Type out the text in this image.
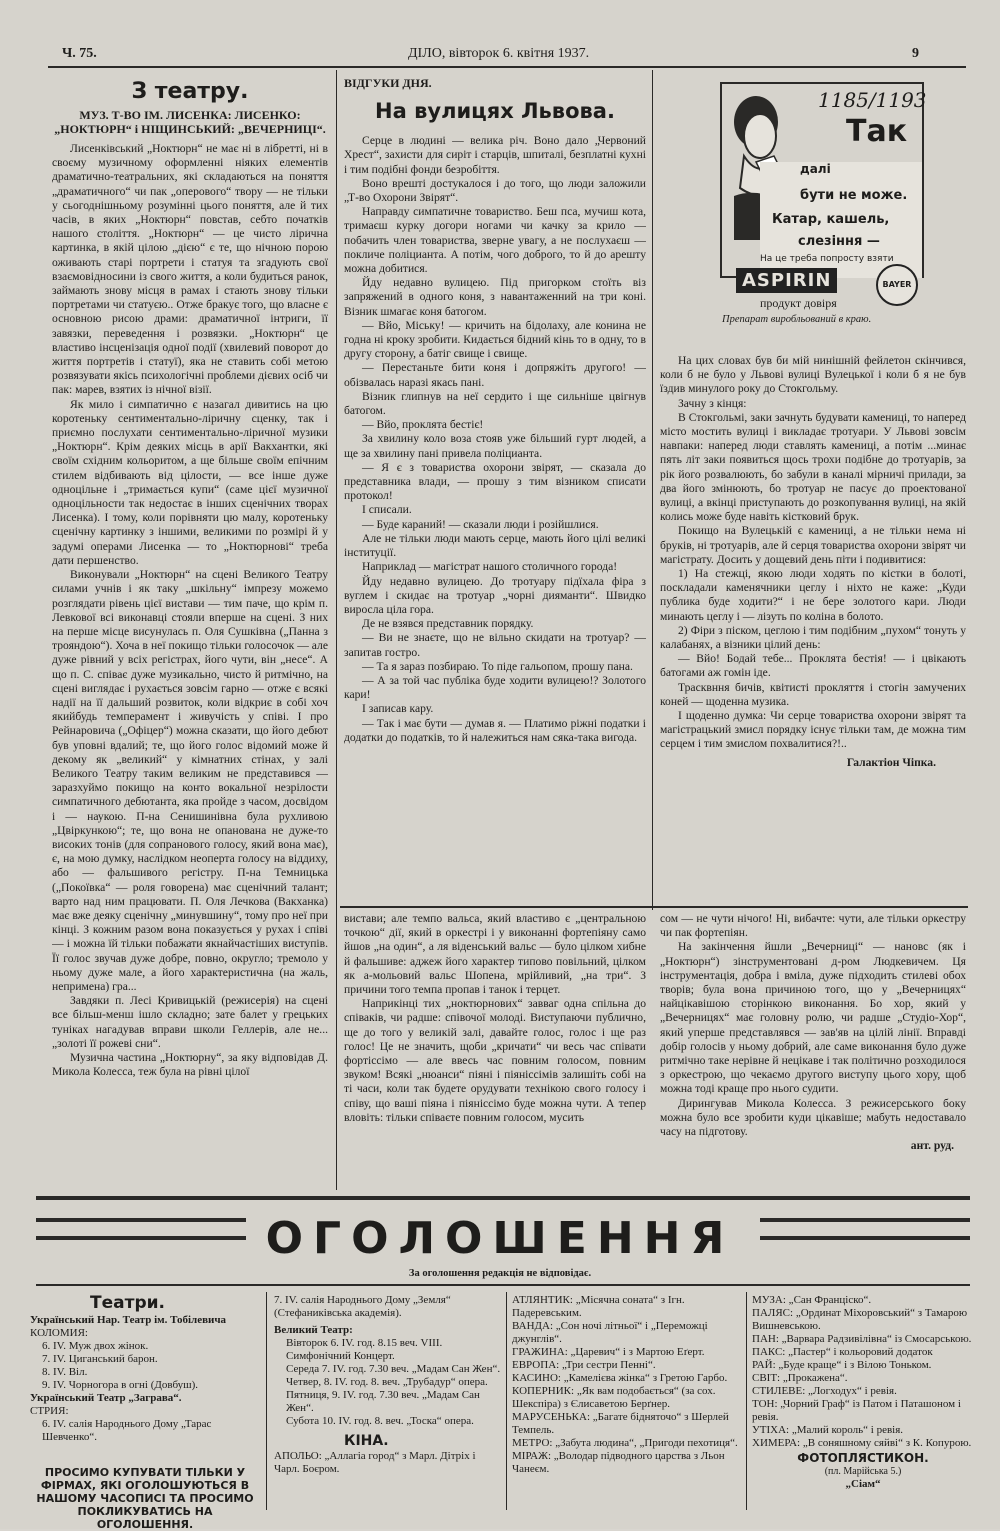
Ч. 75.	ДІЛО, вівторок 6. квітня 1937.	9
З театру.
МУЗ. Т-ВО ІМ. ЛИСЕНКА: ЛИСЕНКО: „НОКТЮРН“ і НІЩИНСЬКИЙ: „ВЕЧЕРНИЦІ“.

Лисенківський „Ноктюрн“ не має ні в лібретті, ні в своєму музичному оформленні ніяких елементів драматично-театральних, які складаються на поняття „драматичного“ чи пак „оперового“ твору — не тільки у сьогоднішньому розумінні цього поняття, але й тих часів, в яких „Ноктюрн“ повстав, себто початків нашого століття. „Ноктюрн“ — це чисто лірична картинка, в якій цілою „дією“ є те, що нічною порою оживають старі портрети і статуя та згадують свої взаємовідносини із свого життя, а коли будиться ранок, займають знову місця в рамах і стають знову тільки портретами чи статуєю.. Отже бракує того, що власне є основною рисою драми: драматичної інтриги, її завязки, переведення і розвязки. „Ноктюрн“ це властиво інсценізація одної події (хвилевий поворот до життя портретів і статуї), яка не ставить собі метою розвязувати якісь психологічні проблеми дієвих осіб чи пак: марев, взятих із нічної візії.

Як мило і симпатично є назагал дивитись на цю коротеньку сентиментально-ліричну сценку, так і приємно послухати сентиментально-ліричної музики „Ноктюрн“. Крім деяких місць в арії Вакхантки, які своїм східним кольоритом, а ще більше своїм епічним стилем відбивають від цілости, — все інше дуже одноцільне і „тримається купи“ (саме цієї музичної одноцільности так недостає в інших сценічних творах Лисенка). І тому, коли порівняти цю малу, коротеньку сценічну картинку з іншими, великими по розмірі й у задумі операми Лисенка — то „Ноктюрнові“ треба дати першенство.

Виконували „Ноктюрн“ на сцені Великого Театру силами учнів і як таку „шкільну“ імпрезу можемо розглядати рівень цієї вистави — тим паче, що крім п. Левкової всі виконавці стояли вперше на сцені. З них на перше місце висунулась п. Оля Сушківна („Панна з трояндою“). Хоча в неї покищо тільки голосочок — але дуже рівний у всіх регістрах, його чути, він „несе“. А що п. С. співає дуже музикально, чисто й ритмічно, на сцені виглядає і рухається зовсім гарно — отже є всякі надії на її дальший розвиток, коли відкриє в собі хоч якийбудь темперамент і живучість у співі. І про Рейнаровича („Офіцер“) можна сказати, що його дебют був уповні вдалий; те, що його голос відомий може й декому як „великий“ у кімнатних стінах, у залі Великого Театру таким великим не представився — заразхуймо покищо на конто вокальної незрілости симпатичного дебютанта, яка пройде з часом, досвідом і — наукою. П-на Сенишинівна була рухливою „Цвіркункою“; те, що вона не опанована не дуже-то високих тонів (для сопранового голосу, який вона має), є, на мою думку, наслідком неоперта голосу на віддиху, або — фальшивого регістру. П-на Темницька („Покоївка“ — роля говорена) має сценічний талант; варто над ним працювати. П. Оля Лечкова (Вакханка) має вже деяку сценічну „минувшину“, тому про неї при кінці. З кожним разом вона показується у рухах і співі — і можна їй тільки побажати якнайчастіших виступів. Її голос звучав дуже добре, повно, округло; тремоло у ньому дуже мале, а його характеристична (на жаль, непримена) гра...

Завдяки п. Лесі Кривицькій (режисерія) на сцені все більш-менш ішло складно; зате балет у грецьких туніках нагадував вправи школи Геллерів, але не... „золоті її рожеві сни“.

Музична частина „Ноктюрну“, за яку відповідав Д. Микола Колесса, теж була на рівні цілої

ВІДГУКИ ДНЯ.
На вулицях Львова.

Серце в людині — велика річ. Воно дало „Червоний Хрест“, захисти для сиріт і старців, шпиталі, безплатні кухні і тим подібні фонди безробіття.

Воно врешті достукалося і до того, що люди заложили „Т-во Охорони Звірят“.

Направду симпатичне товариство. Беш пса, мучиш кота, тримаєш курку догори ногами чи качку за крило — побачить член товариства, зверне увагу, а не послухаєш — покличе поліцианта. А потім, чого доброго, то й до арешту можна добитися.

Йду недавно вулицею. Під пригорком стоїть віз запряжений в одного коня, з навантаженний на три коні. Візник шмагає коня батогом.

— Вйо, Міську! — кричить на бідолаху, але конина не годна ні кроку зробити. Кидається бідний кінь то в одну, то в другу сторону, а батіг свище і свище.

— Перестаньте бити коня і допряжіть другого! — обізвалась наразі якась пані.

Візник глипнув на неї сердито і ще сильніше цвігнув батогом.

— Вйо, проклята бестіє!

За хвилину коло воза стояв уже більший гурт людей, а ще за хвилину пані привела поліцианта.

— Я є з товариства охорони звірят, — сказала до представника влади, — прошу з тим візником списати протокол!

І списали.

— Буде караний! — сказали люди і розійшлися.

Але не тільки люди мають серце, мають його цілі великі інституції.

Наприклад — магістрат нашого столичного города!

Йду недавно вулицею. До тротуару підїхала фіра з вуглем і скидає на тротуар „чорні дияманти“. Швидко виросла ціла гора.

Де не взявся представник порядку.

— Ви не знаєте, що не вільно скидати на тротуар? — запитав гостро.

— Та я зараз позбираю. То піде гальопом, прошу пана.

— А за той час публіка буде ходити вулицею!? Золотого кари!

І записав кару.

— Так і має бути — думав я. — Платимо ріжні податки і додатки до податків, то й належиться нам сяка-така вигода.

1185/1193
Так
далі
бути не може.
Катар, кашель,
слезіння —
На це треба попросту взяти
ASPIRIN	BAYER
продукт довіря
Препарат виробльований в краю.

На цих словах був би мій нинішній фейлетон скінчився, коли б не було у Львові вулиці Вулецької і коли б я не був їздив минулого року до Стокгольму.

Зачну з кінця:

В Стокгольмі, заки зачнуть будувати камениці, то наперед місто мостить вулиці і викладає тротуари. У Львові зовсім навпаки: наперед люди ставлять камениці, а потім ...минає пять літ заки появиться щось трохи подібне до тротуарів, за рік його розвалюють, бо забули в каналі мірничі прилади, за два його змінюють, бо тротуар не пасує до проектованої вулиці, а вкінці приступають до розкопування вулиці, на якій колись може буде навіть кістковий брук.

Покищо на Вулецькій є камениці, а не тільки нема ні бруків, ні тротуарів, але й серця товариства охорони звірят чи магістрату. Досить у дощевий день піти і подивитися:

1) На стежці, якою люди ходять по кістки в болоті, поскладали каменячники цеглу і ніхто не каже: „Куди публика буде ходити?“ і не бере золотого кари. Люди минають цеглу і — лізуть по коліна в болото.

2) Фіри з піском, цеглою і тим подібним „пухом“ тонуть у калабанях, а візники цілий день:

— Вйо! Бодай тебе... Проклята бестія! — і цвікають батогами аж гомін іде.

Трасквння бичів, квітисті прокляття і стогін замучених коней — щоденна музика.

І щоденно думка: Чи серце товариства охорони звірят та магістрацький змисл порядку існує тільки там, де можна тим серцем і тим змислом похвалитися?!..

Галактіон Чіпка.

вистави; але темпо вальса, який властиво є „центральною точкою“ дії, який в оркестрі і у виконанні фортепіяну само йшов „на один“, а ля віденський вальс — було цілком хибне й фальшиве: аджеж його характер типово повільний, цілком як а-мольовий вальс Шопена, мрійливий, „на три“. З причини того темпа пропав і танок і терцет.

Наприкінці тих „ноктюрнових“ завваг одна спільна до співаків, чи радше: співочої молоді. Виступаючи публично, ще до того у великій залі, давайте голос, голос і ще раз голос! Це не значить, щоби „кричати“ чи весь час співати фортіссімо — але ввесь час повним голосом, повним звуком! Всякі „нюанси“ піяні і піяніссімів залишіть собі на ті часи, коли так будете орудувати технікою свого голосу і співу, що ваші піяна і піяніссімо буде можна чути. А тепер вловіть: тільки співаєте повним голосом, мусить

сом — не чути нічого! Ні, вибачте: чути, але тільки оркестру чи пак фортепіян.

На закінчення йшли „Вечерниці“ — нановс (як і „Ноктюрн“) зінструментовані д-ром Людкевичем. Ця інструментація, добра і вміла, дуже підходить стилеві обох творів; була вона причиною того, що у „Вечерницях“ найцікавішою сторінкою виконання. Бо хор, який у „Вечерницях“ має головну ролю, чи радше „Студіо-Хор“, який уперше представлявся — зав'яв на цілій лінії. Вправді добір голосів у ньому добрий, але саме виконання було дуже ритмічно таке нерівне й нецікаве і так політично розходилося з оркестрою, що чекаємо другого виступу цього хору, щоб можна тоді краще про нього судити.

Дирингував Микола Колесса. З режисерського боку можна було все зробити куди цікавіше; мабуть недоставало часу на підготову.

ант. руд.
ОГОЛОШЕННЯ
За оголошення редакція не відповідає.
Театри.
Український Нар. Театр ім. Тобілевича
КОЛОМИЯ:
6. IV. Муж двох жінок.
7. IV. Циганський барон.
8. IV. Віл.
9. IV. Чорногора в огні (Довбуш).
Український Театр „Заграва“.
СТРИЯ:
6. IV. салія Народнього Дому „Тарас Шевченко“.
ПРОСИМО КУПУВАТИ ТІЛЬКИ У ФІРМАХ, ЯКІ ОГОЛОШУЮТЬСЯ В НАШОМУ ЧАСОПИСІ ТА ПРОСИМО ПОКЛИКУВАТИСЬ НА ОГОЛОШЕННЯ.
7. IV. салія Народнього Дому „Земля“ (Стефаниківська академія).
Великий Театр:
Вівторок 6. IV. год. 8.15 веч. VIII. Симфонічний Концерт.
Середа 7. IV. год. 7.30 веч. „Мадам Сан Жен“.
Четвер, 8. IV. год. 8. веч. „Трубадур“ опера.
Пятниця, 9. IV. год. 7.30 веч. „Мадам Сан Жен“.
Субота 10. IV. год. 8. веч. „Тоска“ опера.
КІНА.
АПОЛЬО: „Аллагіа город“ з Марл. Дітріх і Чарл. Боєром.
АТЛЯНТИК: „Місячна соната“ з Ігн. Падеревським.
ВАНДА: „Сон ночі літньої“ і „Переможці джунглів“.
ГРАЖИНА: „Царевич“ і з Мартою Еґерт.
ЕВРОПА: „Три сестри Пенні“.
КАСИНО: „Камелієва жінка“ з Гретою Гарбо.
КОПЕРНИК: „Як вам подобається“ (за сох. Шекспіра) з Єлисаветою Берґнер.
МАРУСЕНЬКА: „Багате бідняточо“ з Шерлей Темпель.
МЕТРО: „Забута людина“, „Пригоди пехотиця“.
МІРАЖ: „Володар підводного царства з Льон Чанеєм.
МУЗА: „Сан Франціско“.
ПАЛЯС: „Ординат Міхоровський“ з Тамарою Вишневською.
ПАН: „Варвара Радзивілівна“ із Смосарською.
ПАКС: „Пастер“ і кольоровий додаток
РАЙ: „Буде краще“ і з Вілою Тоньком.
СВІТ: „Прокажена“.
СТИЛЕВЕ: „Логходух“ і ревія.
ТОН: „Чорний Граф“ із Патом і Паташоном і ревія.
УТІХА: „Малий король“ і ревія.
ХИМЕРА: „В соняшному сяйві“ з К. Копурою.
ФОТОПЛЯСТИКОН.
(пл. Марійська 5.)
„Сіам“
